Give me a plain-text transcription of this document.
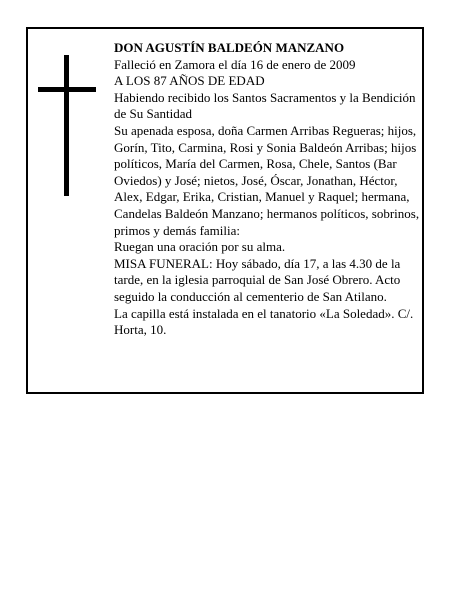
DON AGUSTÍN BALDEÓN MANZANO

Falleció en Zamora el día 16 de enero de 2009

A LOS 87 AÑOS DE EDAD

Habiendo recibido los Santos Sacramentos y la Bendición de Su Santidad

Su apenada esposa, doña Carmen Arribas Regueras; hijos, Gorín, Tito, Carmina, Rosi y Sonia Baldeón Arribas; hijos políticos, María del Carmen, Rosa, Chele, Santos (Bar Oviedos) y José; nietos, José, Óscar, Jonathan, Héctor, Alex, Edgar, Erika, Cristian, Manuel y Raquel; hermana, Candelas Baldeón Manzano; hermanos políticos, sobrinos, primos y demás familia:

Ruegan una oración por su alma.

MISA FUNERAL: Hoy sábado, día 17, a las 4.30 de la tarde, en la iglesia parroquial de San José Obrero. Acto seguido la conducción al cementerio de San Atilano.

La capilla está instalada en el tanatorio «La Soledad». C/. Horta, 10.
